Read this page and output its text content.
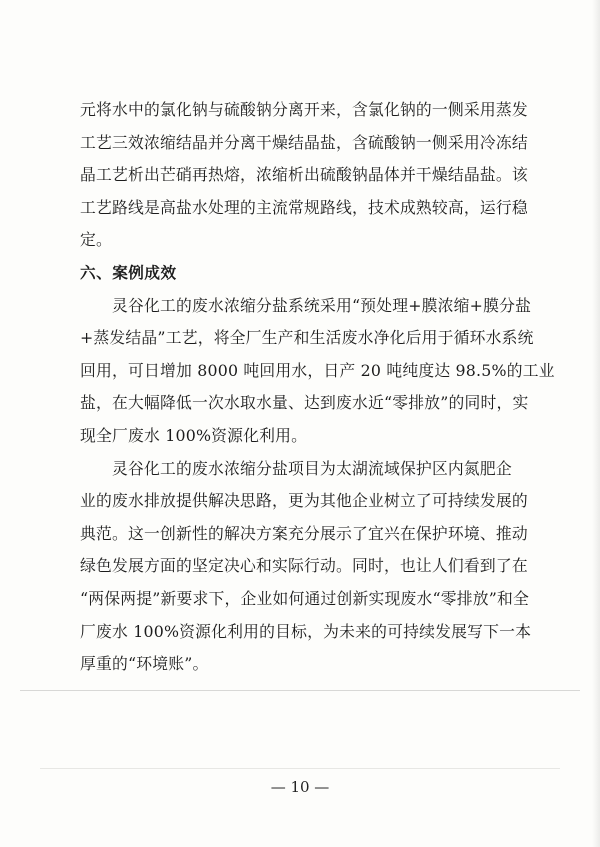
元将水中的氯化钠与硫酸钠分离开来，含氯化钠的一侧采用蒸发
工艺三效浓缩结晶并分离干燥结晶盐，含硫酸钠一侧采用冷冻结
晶工艺析出芒硝再热熔，浓缩析出硫酸钠晶体并干燥结晶盐。该
工艺路线是高盐水处理的主流常规路线，技术成熟较高，运行稳
定。
六、案例成效
灵谷化工的废水浓缩分盐系统采用“预处理+膜浓缩+膜分盐
+蒸发结晶”工艺，将全厂生产和生活废水净化后用于循环水系统
回用，可日增加 8000 吨回用水，日产 20 吨纯度达 98.5%的工业
盐，在大幅降低一次水取水量、达到废水近“零排放”的同时，实
现全厂废水 100%资源化利用。
灵谷化工的废水浓缩分盐项目为太湖流域保护区内氮肥企
业的废水排放提供解决思路，更为其他企业树立了可持续发展的
典范。这一创新性的解决方案充分展示了宜兴在保护环境、推动
绿色发展方面的坚定决心和实际行动。同时，也让人们看到了在
“两保两提”新要求下，企业如何通过创新实现废水“零排放”和全
厂废水 100%资源化利用的目标，为未来的可持续发展写下一本
厚重的“环境账”。
— 10 —
